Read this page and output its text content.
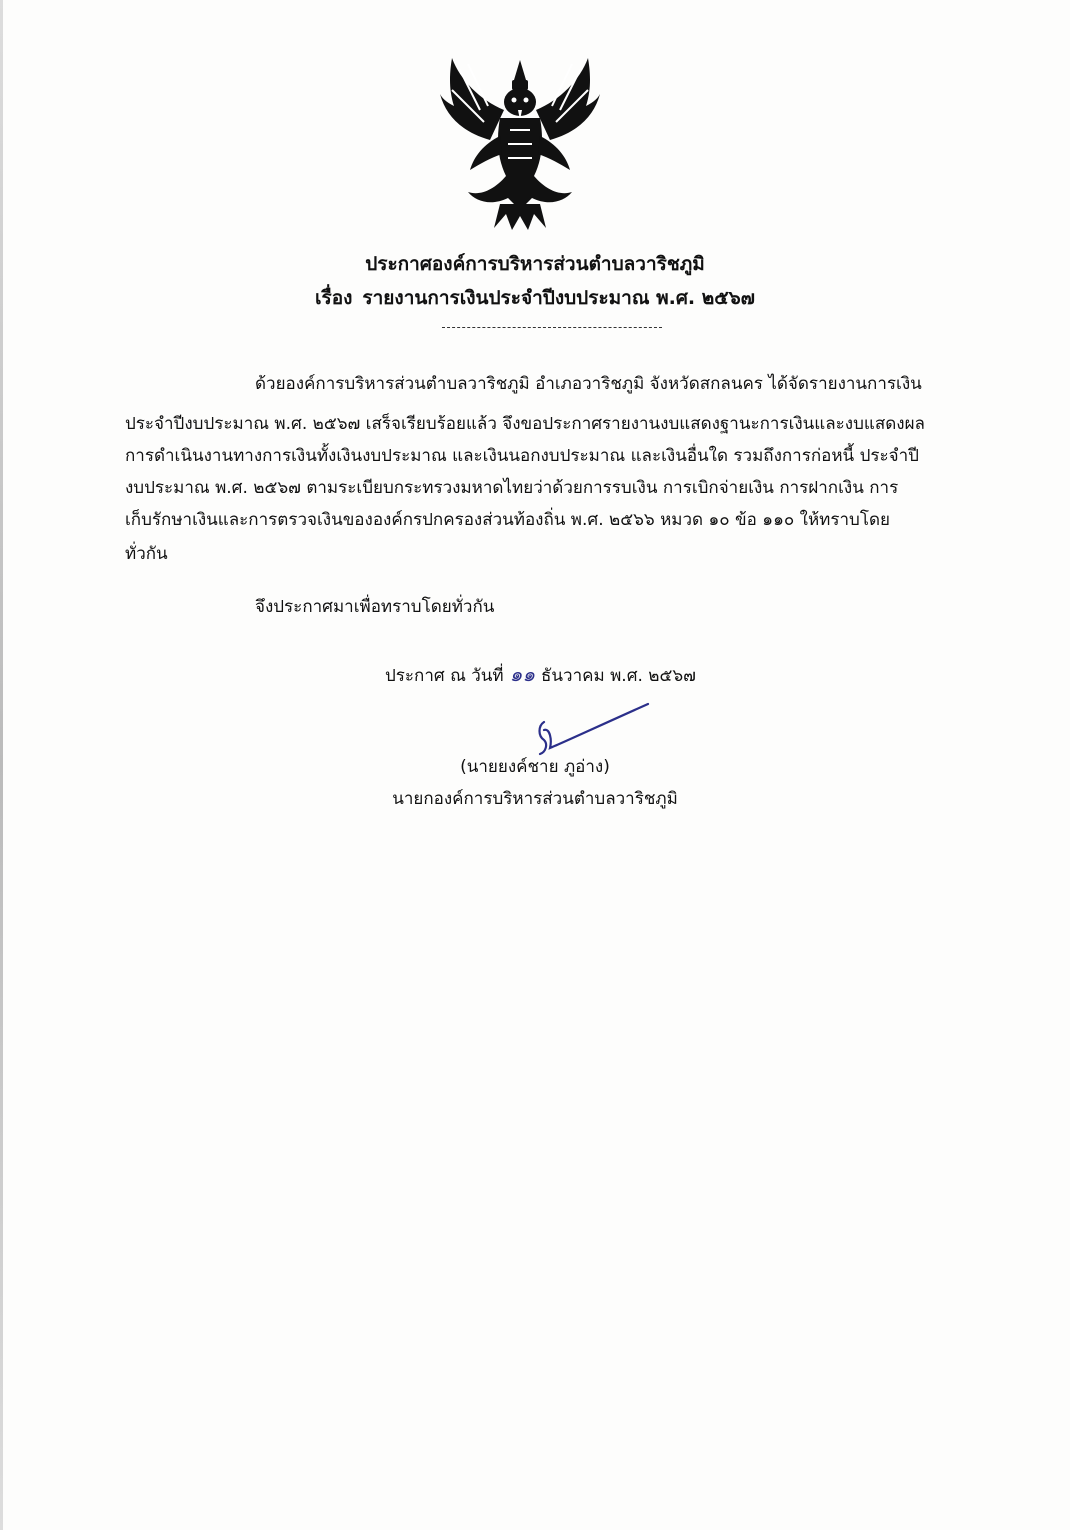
ประกาศองค์การบริหารส่วนตำบลวาริชภูมิ
เรื่อง รายงานการเงินประจำปีงบประมาณ พ.ศ. ๒๕๖๗
ด้วยองค์การบริหารส่วนตำบลวาริชภูมิ อำเภอวาริชภูมิ จังหวัดสกลนคร ได้จัดรายงานการเงิน
ประจำปีงบประมาณ พ.ศ. ๒๕๖๗ เสร็จเรียบร้อยแล้ว จึงขอประกาศรายงานงบแสดงฐานะการเงินและงบแสดงผล
การดำเนินงานทางการเงินทั้งเงินงบประมาณ และเงินนอกงบประมาณ และเงินอื่นใด รวมถึงการก่อหนี้ ประจำปี
งบประมาณ พ.ศ. ๒๕๖๗ ตามระเบียบกระทรวงมหาดไทยว่าด้วยการรบเงิน การเบิกจ่ายเงิน การฝากเงิน การ
เก็บรักษาเงินและการตรวจเงินขององค์กรปกครองส่วนท้องถิ่น พ.ศ. ๒๕๖๖ หมวด ๑๐ ข้อ ๑๑๐ ให้ทราบโดย
ทั่วกัน
จึงประกาศมาเพื่อทราบโดยทั่วกัน
ประกาศ ณ วันที่ ๑๑ ธันวาคม พ.ศ. ๒๕๖๗
(นายยงค์ชาย ภูอ่าง)
นายกองค์การบริหารส่วนตำบลวาริชภูมิ
